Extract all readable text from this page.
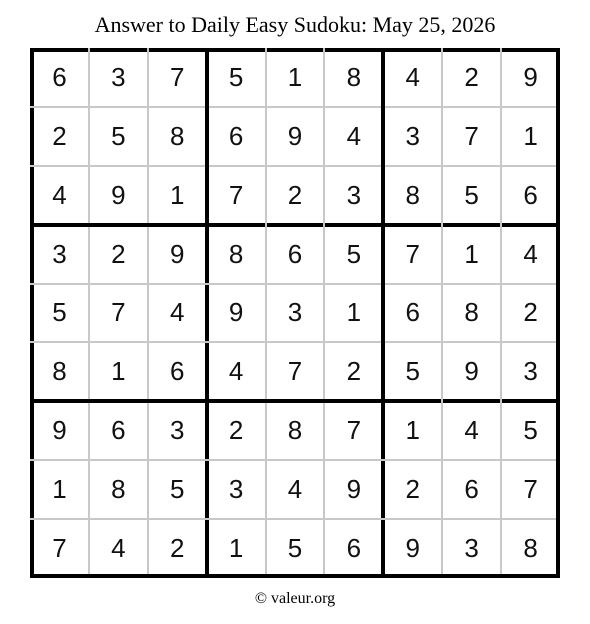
Answer to Daily Easy Sudoku: May 25, 2026
6	3	7	5	1	8	4	2	9
2	5	8	6	9	4	3	7	1
4	9	1	7	2	3	8	5	6
3	2	9	8	6	5	7	1	4
5	7	4	9	3	1	6	8	2
8	1	6	4	7	2	5	9	3
9	6	3	2	8	7	1	4	5
1	8	5	3	4	9	2	6	7
7	4	2	1	5	6	9	3	8
© valeur.org
